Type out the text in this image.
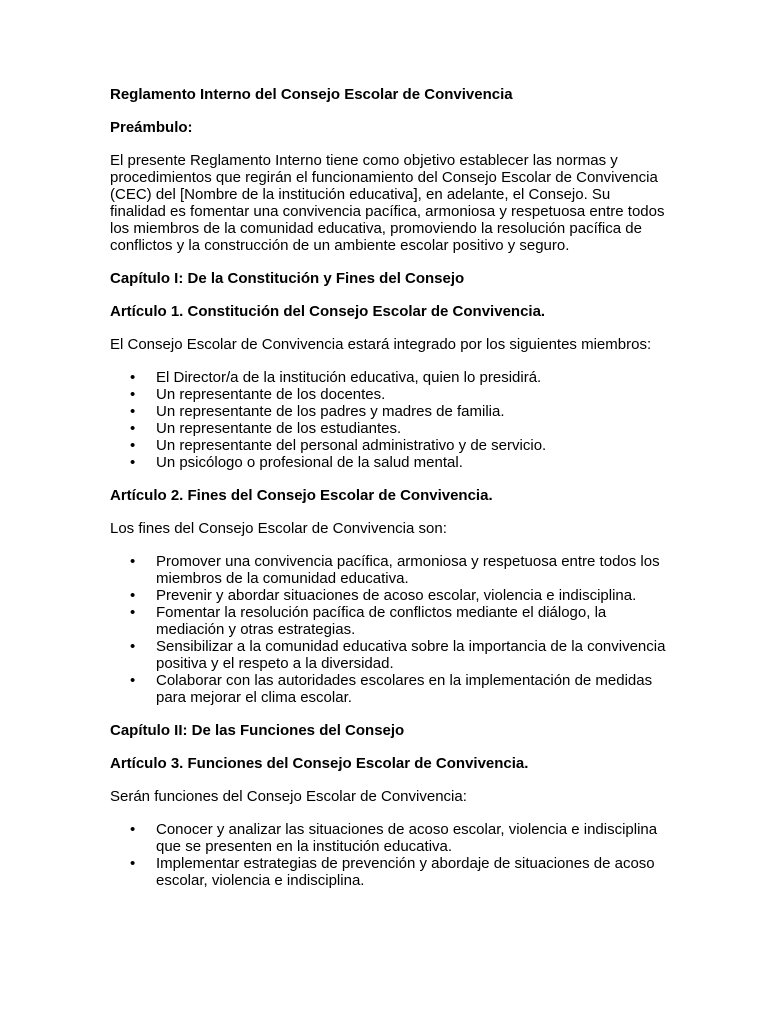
Reglamento Interno del Consejo Escolar de Convivencia

Preámbulo:

El presente Reglamento Interno tiene como objetivo establecer las normas y procedimientos que regirán el funcionamiento del Consejo Escolar de Convivencia (CEC) del [Nombre de la institución educativa], en adelante, el Consejo. Su finalidad es fomentar una convivencia pacífica, armoniosa y respetuosa entre todos los miembros de la comunidad educativa, promoviendo la resolución pacífica de conflictos y la construcción de un ambiente escolar positivo y seguro.

Capítulo I: De la Constitución y Fines del Consejo

Artículo 1. Constitución del Consejo Escolar de Convivencia.

El Consejo Escolar de Convivencia estará integrado por los siguientes miembros:

• El Director/a de la institución educativa, quien lo presidirá.
• Un representante de los docentes.
• Un representante de los padres y madres de familia.
• Un representante de los estudiantes.
• Un representante del personal administrativo y de servicio.
• Un psicólogo o profesional de la salud mental.

Artículo 2. Fines del Consejo Escolar de Convivencia.

Los fines del Consejo Escolar de Convivencia son:

• Promover una convivencia pacífica, armoniosa y respetuosa entre todos los miembros de la comunidad educativa.
• Prevenir y abordar situaciones de acoso escolar, violencia e indisciplina.
• Fomentar la resolución pacífica de conflictos mediante el diálogo, la mediación y otras estrategias.
• Sensibilizar a la comunidad educativa sobre la importancia de la convivencia positiva y el respeto a la diversidad.
• Colaborar con las autoridades escolares en la implementación de medidas para mejorar el clima escolar.

Capítulo II: De las Funciones del Consejo

Artículo 3. Funciones del Consejo Escolar de Convivencia.

Serán funciones del Consejo Escolar de Convivencia:

• Conocer y analizar las situaciones de acoso escolar, violencia e indisciplina que se presenten en la institución educativa.
• Implementar estrategias de prevención y abordaje de situaciones de acoso escolar, violencia e indisciplina.
